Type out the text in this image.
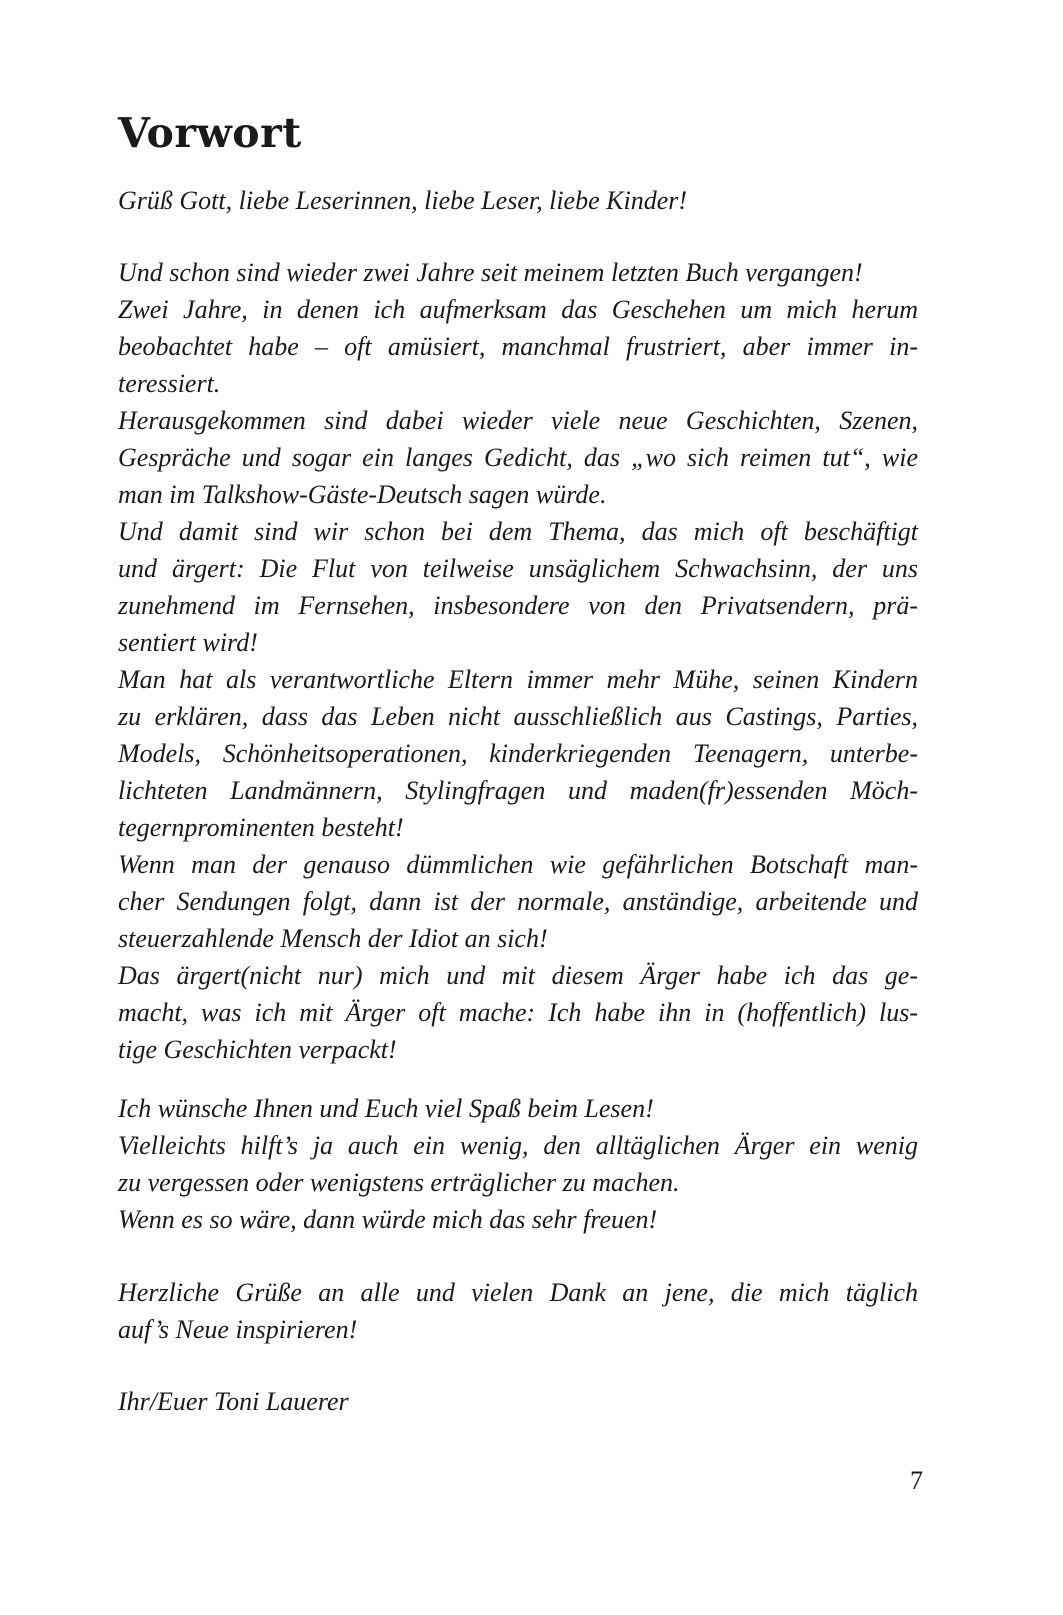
Vorwort
Grüß Gott, liebe Leserinnen, liebe Leser, liebe Kinder!
Und schon sind wieder zwei Jahre seit meinem letzten Buch vergangen!
Zwei Jahre, in denen ich aufmerksam das Geschehen um mich herum
beobachtet habe – oft amüsiert, manchmal frustriert, aber immer in-
teressiert.
Herausgekommen sind dabei wieder viele neue Geschichten, Szenen,
Gespräche und sogar ein langes Gedicht, das „wo sich reimen tut“, wie
man im Talkshow-Gäste-Deutsch sagen würde.
Und damit sind wir schon bei dem Thema, das mich oft beschäftigt
und ärgert: Die Flut von teilweise unsäglichem Schwachsinn, der uns
zunehmend im Fernsehen, insbesondere von den Privatsendern, prä-
sentiert wird!
Man hat als verantwortliche Eltern immer mehr Mühe, seinen Kindern
zu erklären, dass das Leben nicht ausschließlich aus Castings, Parties,
Models, Schönheitsoperationen, kinderkriegenden Teenagern, unterbe-
lichteten Landmännern, Stylingfragen und maden(fr)essenden Möch-
tegernprominenten besteht!
Wenn man der genauso dümmlichen wie gefährlichen Botschaft man-
cher Sendungen folgt, dann ist der normale, anständige, arbeitende und
steuerzahlende Mensch der Idiot an sich!
Das ärgert(nicht nur) mich und mit diesem Ärger habe ich das ge-
macht, was ich mit Ärger oft mache: Ich habe ihn in (hoffentlich) lus-
tige Geschichten verpackt!
Ich wünsche Ihnen und Euch viel Spaß beim Lesen!
Vielleichts hilft’s ja auch ein wenig, den alltäglichen Ärger ein wenig
zu vergessen oder wenigstens erträglicher zu machen.
Wenn es so wäre, dann würde mich das sehr freuen!
Herzliche Grüße an alle und vielen Dank an jene, die mich täglich
auf’s Neue inspirieren!
Ihr/Euer Toni Lauerer
7
